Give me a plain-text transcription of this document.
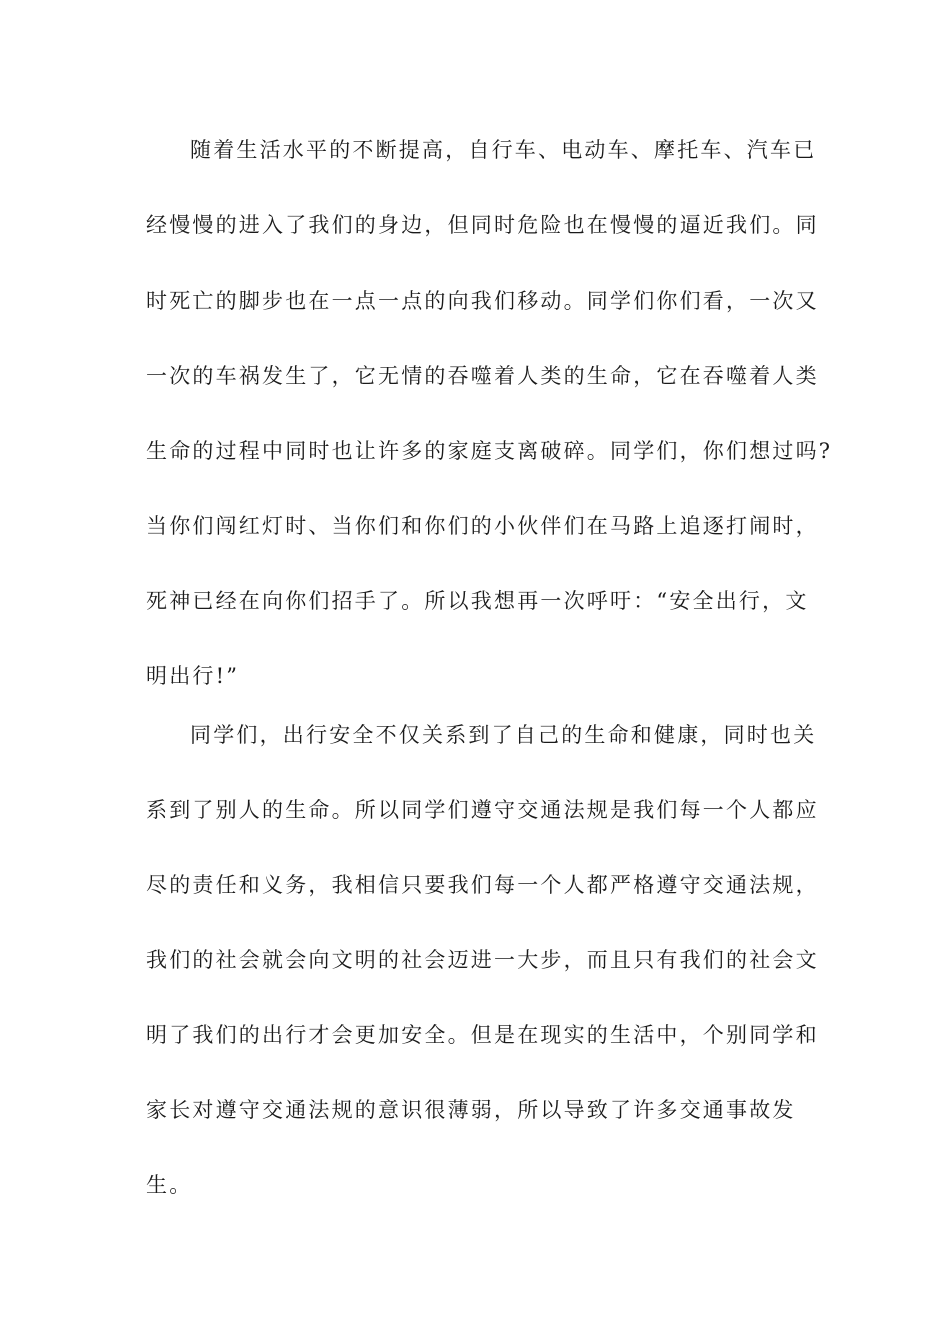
随着生活水平的不断提高，自行车、电动车、摩托车、汽车已
经慢慢的进入了我们的身边，但同时危险也在慢慢的逼近我们。同
时死亡的脚步也在一点一点的向我们移动。同学们你们看，一次又
一次的车祸发生了，它无情的吞噬着人类的生命，它在吞噬着人类
生命的过程中同时也让许多的家庭支离破碎。同学们，你们想过吗?
当你们闯红灯时、当你们和你们的小伙伴们在马路上追逐打闹时，
死神已经在向你们招手了。所以我想再一次呼吁：“安全出行，文
明出行!”
同学们，出行安全不仅关系到了自己的生命和健康，同时也关
系到了别人的生命。所以同学们遵守交通法规是我们每一个人都应
尽的责任和义务，我相信只要我们每一个人都严格遵守交通法规，
我们的社会就会向文明的社会迈进一大步，而且只有我们的社会文
明了我们的出行才会更加安全。但是在现实的生活中，个别同学和
家长对遵守交通法规的意识很薄弱，所以导致了许多交通事故发
生。
